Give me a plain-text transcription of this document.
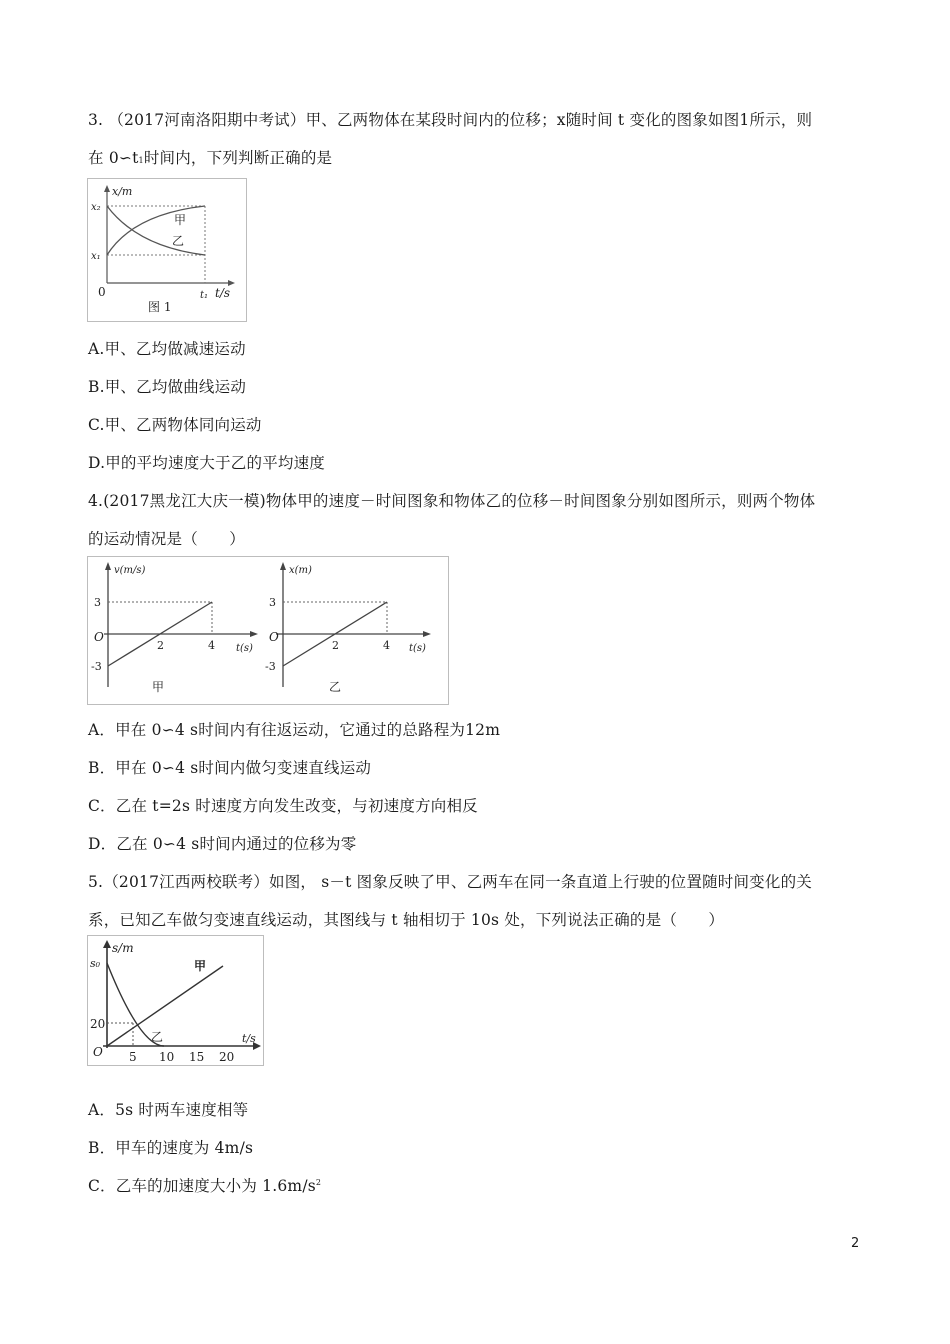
3. （2017河南洛阳期中考试）甲、乙两物体在某段时间内的位移；x随时间 t 变化的图象如图1所示，则
在 0∽t1时间内，下列判断正确的是
x/m
x₂
x₁
0	t₁ t/s
甲
乙
图 1
A.甲、乙均做减速运动
B.甲、乙均做曲线运动
C.甲、乙两物体同向运动
D.甲的平均速度大于乙的平均速度
4.(2017黑龙江大庆一模)物体甲的速度－时间图象和物体乙的位移－时间图象分别如图所示，则两个物体
的运动情况是（　　）
v(m/s)
3
-3
O
2	4 t(s)
甲
x(m)
3
-3
O
2	4 t(s)
乙
A．甲在 0∽4 s时间内有往返运动，它通过的总路程为12m
B．甲在 0∽4 s时间内做匀变速直线运动
C．乙在 t=2s 时速度方向发生改变，与初速度方向相反
D．乙在 0∽4 s时间内通过的位移为零
5.（2017江西两校联考）如图， s－t 图象反映了甲、乙两车在同一条直道上行驶的位置随时间变化的关
系，已知乙车做匀变速直线运动，其图线与 t 轴相切于 10s 处，下列说法正确的是（　　）
s/m
s₀
20
O 5 10 15 20
t/s
甲
乙
A．5s 时两车速度相等
B．甲车的速度为 4m/s
C．乙车的加速度大小为 $1.6m/s^2$
2
